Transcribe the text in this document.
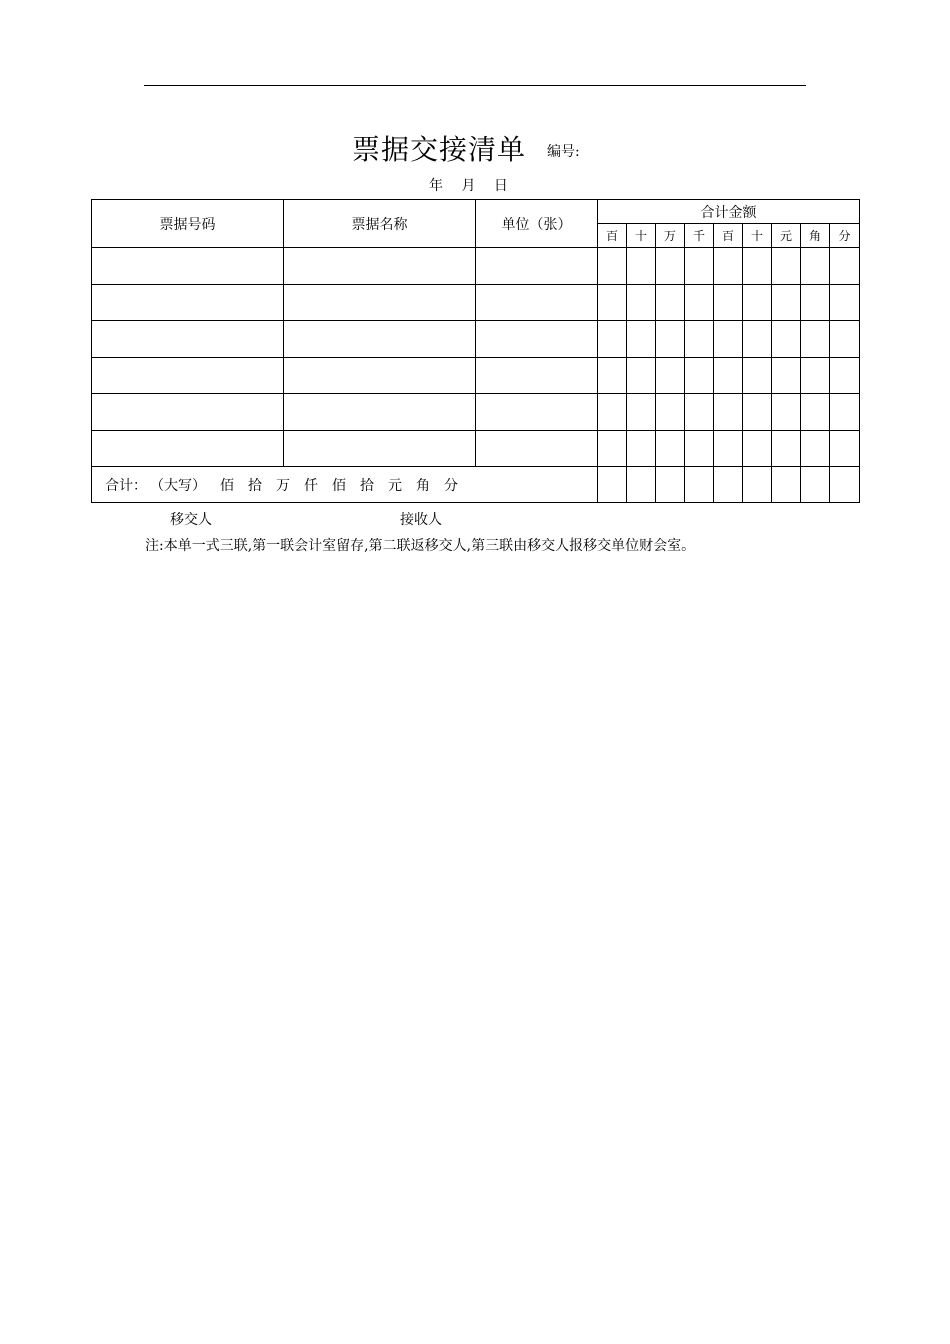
票据交接清单 编号:
年 月 日
票据号码	票据名称	单位（张）	合计金额								
			百	十	万	千	百	十	元	角	分

合计： （大写） 佰 拾 万 仟 佰 拾 元 角 分											
移交人	接收人
注:本单一式三联,第一联会计室留存,第二联返移交人,第三联由移交人报移交单位财会室。
